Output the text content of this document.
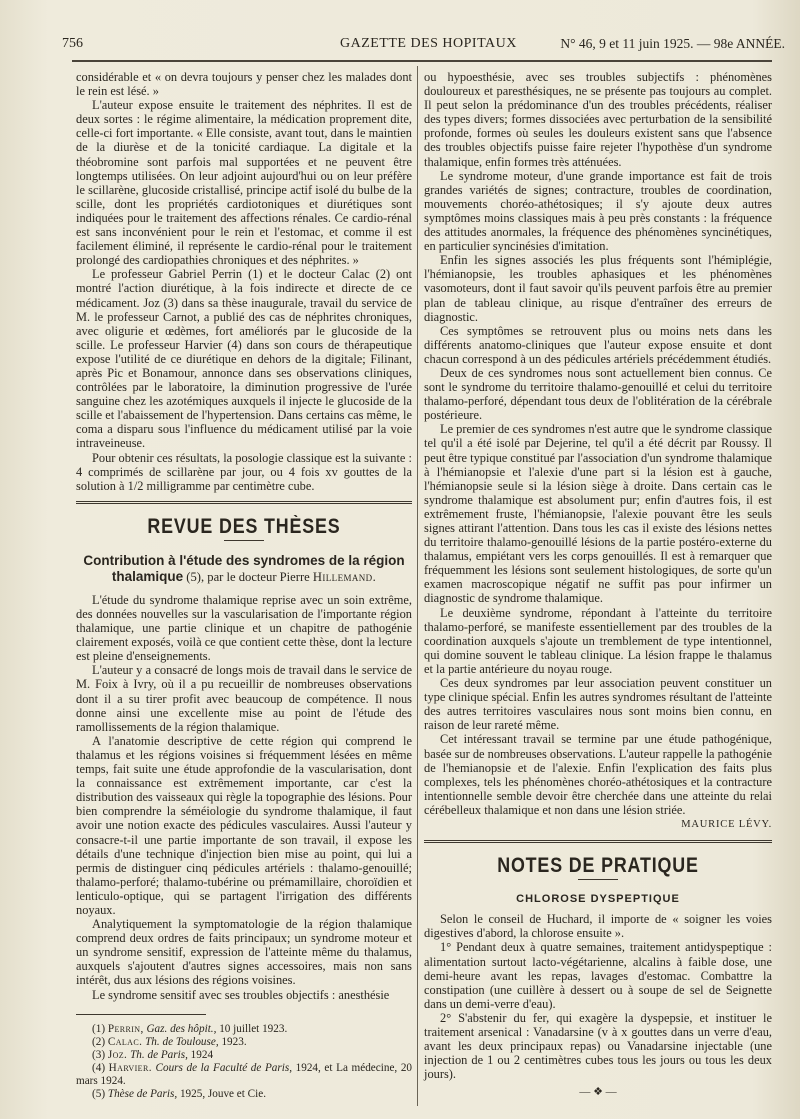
756	GAZETTE DES HOPITAUX	N° 46, 9 et 11 juin 1925. — 98e ANNÉE.

considérable et « on devra toujours y penser chez les malades dont le rein est lésé. »

L'auteur expose ensuite le traitement des néphrites. Il est de deux sortes : le régime alimentaire, la médication proprement dite, celle-ci fort importante. « Elle consiste, avant tout, dans le maintien de la diurèse et de la tonicité cardiaque. La digitale et la théobromine sont parfois mal supportées et ne peuvent être longtemps utilisées. On leur adjoint aujourd'hui ou on leur préfère le scillarène, glucoside cristallisé, principe actif isolé du bulbe de la scille, dont les propriétés cardiotoniques et diurétiques sont indiquées pour le traitement des affections rénales. Ce cardio-rénal est sans inconvénient pour le rein et l'estomac, et comme il est facilement éliminé, il représente le cardio-rénal pour le traitement prolongé des cardiopathies chroniques et des néphrites. »

Le professeur Gabriel Perrin (1) et le docteur Calac (2) ont montré l'action diurétique, à la fois indirecte et directe de ce médicament. Joz (3) dans sa thèse inaugurale, travail du service de M. le professeur Carnot, a publié des cas de néphrites chroniques, avec oligurie et œdèmes, fort améliorés par le glucoside de la scille. Le professeur Harvier (4) dans son cours de thérapeutique expose l'utilité de ce diurétique en dehors de la digitale; Filinant, après Pic et Bonamour, annonce dans ses observations cliniques, contrôlées par le laboratoire, la diminution progressive de l'urée sanguine chez les azotémiques auxquels il injecte le glucoside de la scille et l'abaissement de l'hypertension. Dans certains cas même, le coma a disparu sous l'influence du médicament utilisé par la voie intraveineuse.

Pour obtenir ces résultats, la posologie classique est la suivante : 4 comprimés de scillarène par jour, ou 4 fois xv gouttes de la solution à 1/2 milligramme par centimètre cube.

REVUE DES THÈSES
Contribution à l'étude des syndromes de la région thalamique (5), par le docteur Pierre Hillemand.

L'étude du syndrome thalamique reprise avec un soin extrême, des données nouvelles sur la vascularisation de l'importante région thalamique, une partie clinique et un chapitre de pathogénie clairement exposés, voilà ce que contient cette thèse, dont la lecture est pleine d'enseignements.

L'auteur y a consacré de longs mois de travail dans le service de M. Foix à Ivry, où il a pu recueillir de nombreuses observations dont il a su tirer profit avec beaucoup de compétence. Il nous donne ainsi une excellente mise au point de l'étude des ramollissements de la région thalamique.

A l'anatomie descriptive de cette région qui comprend le thalamus et les régions voisines si fréquemment lésées en même temps, fait suite une étude approfondie de la vascularisation, dont la connaissance est extrêmement importante, car c'est la distribution des vaisseaux qui règle la topographie des lésions. Pour bien comprendre la séméiologie du syndrome thalamique, il faut avoir une notion exacte des pédicules vasculaires. Aussi l'auteur y consacre-t-il une partie importante de son travail, il expose les détails d'une technique d'injection bien mise au point, qui lui a permis de distinguer cinq pédicules artériels : thalamo-genouillé; thalamo-perforé; thalamo-tubérine ou prémamillaire, choroïdien et lenticulo-optique, qui se partagent l'irrigation des différents noyaux.

Analytiquement la symptomatologie de la région thalamique comprend deux ordres de faits principaux; un syndrome moteur et un syndrome sensitif, expression de l'atteinte même du thalamus, auxquels s'ajoutent d'autres signes accessoires, mais non sans intérêt, dus aux lésions des régions voisines.

Le syndrome sensitif avec ses troubles objectifs : anesthésie

(1) Perrin, Gaz. des hôpit., 10 juillet 1923.

(2) Calac. Th. de Toulouse, 1923.

(3) Joz. Th. de Paris, 1924

(4) Harvier. Cours de la Faculté de Paris, 1924, et La médecine, 20 mars 1924.

(5) Thèse de Paris, 1925, Jouve et Cie.

ou hypoesthésie, avec ses troubles subjectifs : phénomènes douloureux et paresthésiques, ne se présente pas toujours au complet. Il peut selon la prédominance d'un des troubles précédents, réaliser des types divers; formes dissociées avec perturbation de la sensibilité profonde, formes où seules les douleurs existent sans que l'absence des troubles objectifs puisse faire rejeter l'hypothèse d'un syndrome thalamique, enfin formes très atténuées.

Le syndrome moteur, d'une grande importance est fait de trois grandes variétés de signes; contracture, troubles de coordination, mouvements choréo-athétosiques; il s'y ajoute deux autres symptômes moins classiques mais à peu près constants : la fréquence des attitudes anormales, la fréquence des phénomènes syncinétiques, en particulier syncinésies d'imitation.

Enfin les signes associés les plus fréquents sont l'hémiplégie, l'hémianopsie, les troubles aphasiques et les phénomènes vasomoteurs, dont il faut savoir qu'ils peuvent parfois être au premier plan de tableau clinique, au risque d'entraîner des erreurs de diagnostic.

Ces symptômes se retrouvent plus ou moins nets dans les différents anatomo-cliniques que l'auteur expose ensuite et dont chacun correspond à un des pédicules artériels précédemment étudiés.

Deux de ces syndromes nous sont actuellement bien connus. Ce sont le syndrome du territoire thalamo-genouillé et celui du territoire thalamo-perforé, dépendant tous deux de l'oblitération de la cérébrale postérieure.

Le premier de ces syndromes n'est autre que le syndrome classique tel qu'il a été isolé par Dejerine, tel qu'il a été décrit par Roussy. Il peut être typique constitué par l'association d'un syndrome thalamique à l'hémianopsie et l'alexie d'une part si la lésion est à gauche, l'hémianopsie seule si la lésion siège à droite. Dans certain cas le syndrome thalamique est absolument pur; enfin d'autres fois, il est extrêmement fruste, l'hémianopsie, l'alexie pouvant être les seuls signes attirant l'attention. Dans tous les cas il existe des lésions nettes du territoire thalamo-genouillé lésions de la partie postéro-externe du thalamus, empiétant vers les corps genouillés. Il est à remarquer que fréquemment les lésions sont seulement histologiques, de sorte qu'un examen macroscopique négatif ne suffit pas pour infirmer un diagnostic de syndrome thalamique.

Le deuxième syndrome, répondant à l'atteinte du territoire thalamo-perforé, se manifeste essentiellement par des troubles de la coordination auxquels s'ajoute un tremblement de type intentionnel, qui domine souvent le tableau clinique. La lésion frappe le thalamus et la partie antérieure du noyau rouge.

Ces deux syndromes par leur association peuvent constituer un type clinique spécial. Enfin les autres syndromes résultant de l'atteinte des autres territoires vasculaires nous sont moins bien connu, en raison de leur rareté même.

Cet intéressant travail se termine par une étude pathogénique, basée sur de nombreuses observations. L'auteur rappelle la pathogénie de l'hemianopsie et de l'alexie. Enfin l'explication des faits plus complexes, tels les phénomènes choréo-athétosiques et la contracture intentionnelle semble devoir être cherchée dans une atteinte du relai cérébelleux thalamique et non dans une lésion striée.

MAURICE LÉVY.
NOTES DE PRATIQUE
CHLOROSE DYSPEPTIQUE

Selon le conseil de Huchard, il importe de « soigner les voies digestives d'abord, la chlorose ensuite ».

1° Pendant deux à quatre semaines, traitement antidyspeptique : alimentation surtout lacto-végétarienne, alcalins à faible dose, une demi-heure avant les repas, lavages d'estomac. Combattre la constipation (une cuillère à dessert ou à soupe de sel de Seignette dans un demi-verre d'eau).

2° S'abstenir du fer, qui exagère la dyspepsie, et instituer le traitement arsenical : Vanadarsine (v à x gouttes dans un verre d'eau, avant les deux principaux repas) ou Vanadarsine injectable (une injection de 1 ou 2 centimètres cubes tous les jours ou tous les deux jours).

— ❖ —
